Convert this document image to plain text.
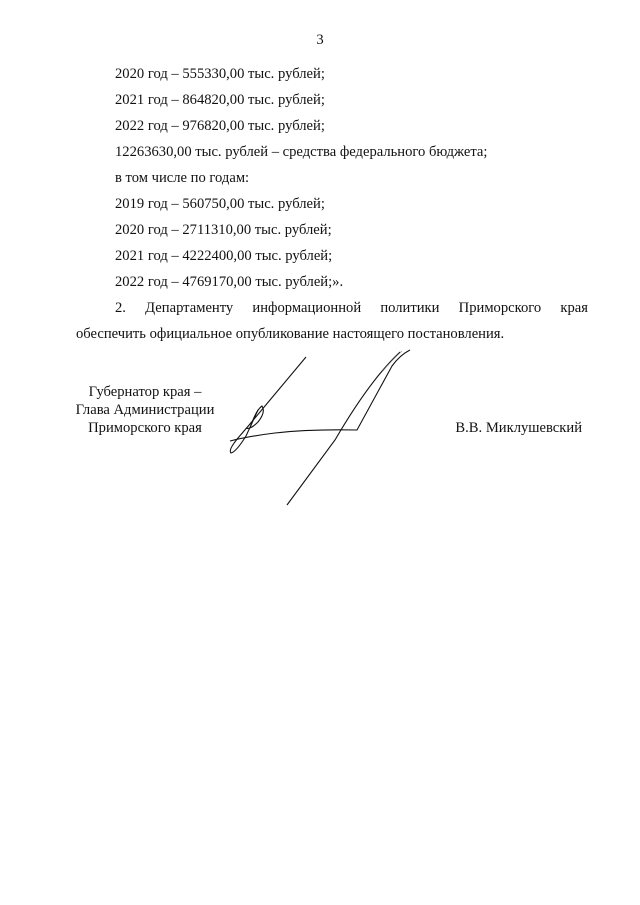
3
2020 год – 555330,00 тыс. рублей;
2021 год – 864820,00 тыс. рублей;
2022 год – 976820,00 тыс. рублей;
12263630,00 тыс. рублей – средства федерального бюджета;
в том числе по годам:
2019 год – 560750,00 тыс. рублей;
2020 год – 2711310,00 тыс. рублей;
2021 год – 4222400,00 тыс. рублей;
2022 год – 4769170,00 тыс. рублей;».
2. Департаменту информационной политики Приморского края
обеспечить официальное опубликование настоящего постановления.
Губернатор края –
Глава Администрации
Приморского края	В.В. Миклушевский
